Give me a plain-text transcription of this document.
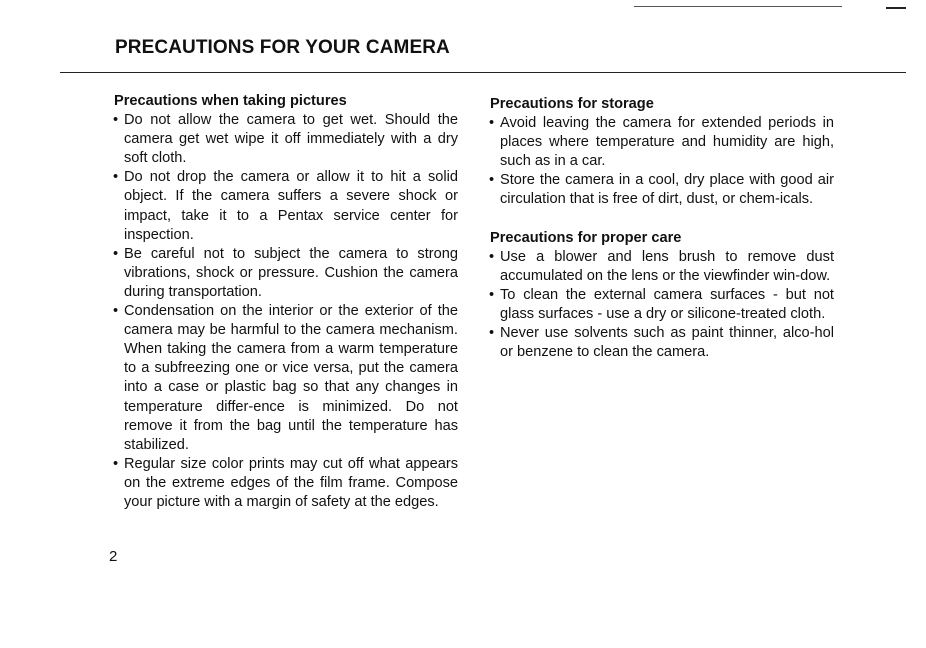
PRECAUTIONS FOR YOUR CAMERA
Precautions when taking pictures
• Do not allow the camera to get wet. Should the camera get wet wipe it off immediately with a dry soft cloth.
• Do not drop the camera or allow it to hit a solid object. If the camera suffers a severe shock or impact, take it to a Pentax service center for inspection.
• Be careful not to subject the camera to strong vibrations, shock or pressure. Cushion the camera during transportation.
• Condensation on the interior or the exterior of the camera may be harmful to the camera mechanism. When taking the camera from a warm temperature to a subfreezing one or vice versa, put the camera into a case or plastic bag so that any changes in temperature differ-ence is minimized. Do not remove it from the bag until the temperature has stabilized.
• Regular size color prints may cut off what appears on the extreme edges of the film frame. Compose your picture with a margin of safety at the edges.
Precautions for storage
• Avoid leaving the camera for extended periods in places where temperature and humidity are high, such as in a car.
• Store the camera in a cool, dry place with good air circulation that is free of dirt, dust, or chem-icals.
Precautions for proper care
• Use a blower and lens brush to remove dust accumulated on the lens or the viewfinder win-dow.
• To clean the external camera surfaces - but not glass surfaces - use a dry or silicone-treated cloth.
• Never use solvents such as paint thinner, alco-hol or benzene to clean the camera.
2
